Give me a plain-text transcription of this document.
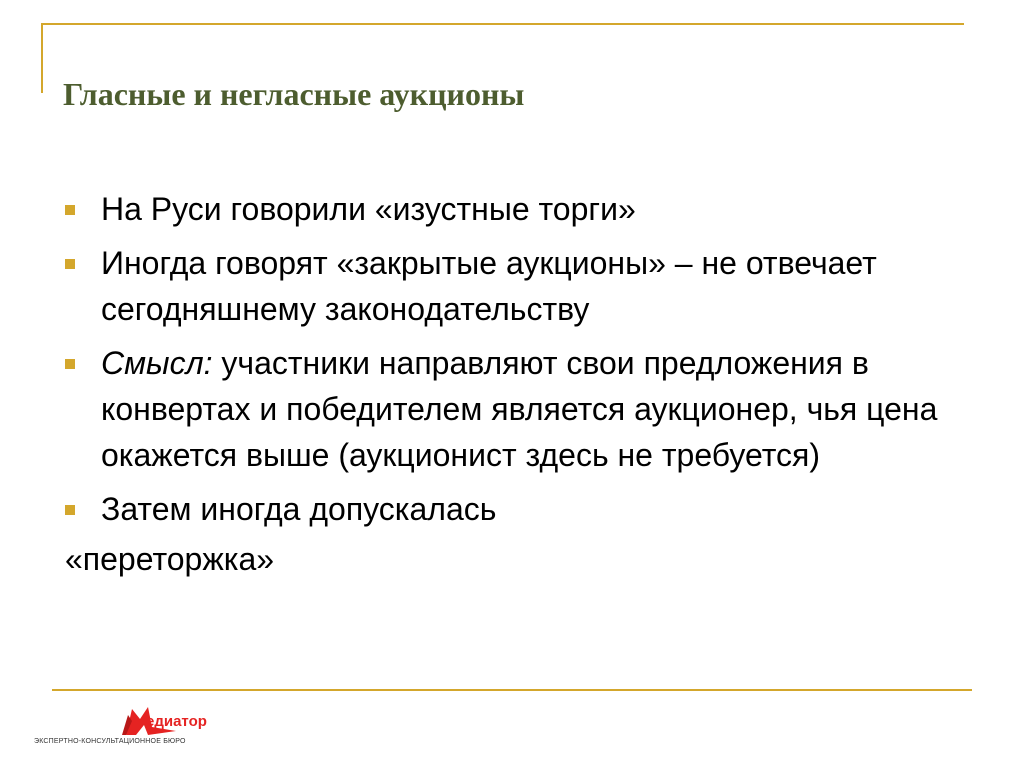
Гласные и негласные аукционы
На Руси говорили «изустные торги»
Иногда говорят «закрытые аукционы» – не отвечает сегодняшнему законодательству
Смысл: участники направляют свои предложения в конвертах и победителем является аукционер, чья цена окажется выше (аукционист здесь не требуется)
Затем иногда допускалась
«переторжка»
едиатор
ЭКСПЕРТНО-КОНСУЛЬТАЦИОННОЕ БЮРО
